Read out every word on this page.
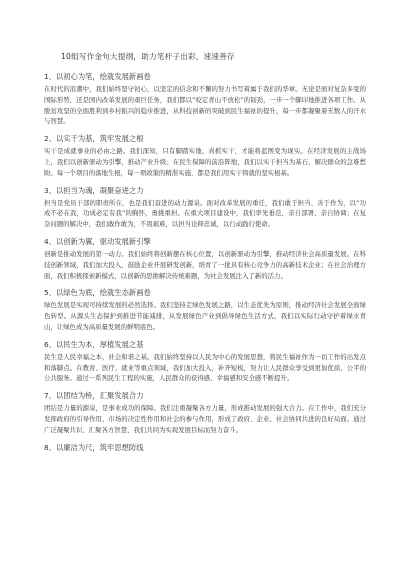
10组写作金句大提纲，助力笔杆子出彩，速速善存
1、以初心为笔，绘就发展新画卷

在时代的浪潮中，我们始终坚守初心，以坚定的信念和不懈的努力书写着属于我们的华章。无论是面对复杂多变的国际形势，还是国内改革发展的艰巨任务，我们都以“咬定青山不放松”的韧劲，一步一个脚印地推进各项工作。从脱贫攻坚的全面胜利到乡村振兴的稳步推进，从科技创新的突破到民生福祉的提升，每一步都凝聚着无数人的汗水与智慧。

2、以实干为基，筑牢发展之根

实干是成就事业的必由之路。我们深知，只有脚踏实地、真抓实干，才能将蓝图变为现实。在经济发展的主战场上，我们以创新驱动为引擎，推动产业升级；在民生保障的前沿阵地，我们以实干担当为基石，解决群众的急难愁盼。每一个项目的落地生根，每一项政策的精准实施，都是我们用实干铸就的坚实根基。

3、以担当为魂，凝聚奋进之力

担当是党员干部的职责所在，也是我们奋进的动力源泉。面对改革发展的重任，我们敢于担当、善于作为，以“功成不必在我，功成必定有我”的胸怀，勇挑重担。在重大项目建设中，我们率先垂范，亲自部署、亲自协调；在复杂问题的解决中，我们敢作敢为，不畏艰难，以担当诠释忠诚，以行动践行使命。

4、以创新为翼，驱动发展新引擎

创新是推动发展的第一动力。我们始终将创新摆在核心位置，以创新驱动为引擎，推动经济社会高质量发展。在科技创新领域，我们加大投入，鼓励企业开展研发创新，培育了一批具有核心竞争力的高新技术企业；在社会治理方面，我们积极探索新模式，以创新的思维解决传统难题，为社会发展注入了新的活力。

5、以绿色为底，绘就生态新画卷

绿色发展是实现可持续发展的必然选择。我们坚持走绿色发展之路，以生态优先为原则，推动经济社会发展全面绿色转型。从源头生态保护到推进节能减排，从发展绿色产业到倡导绿色生活方式，我们以实际行动守护着绿水青山，让绿色成为高质量发展的鲜明底色。

6、以民生为本，厚植发展之基

民生是人民幸福之本，社会和谐之基。我们始终坚持以人民为中心的发展思想，将民生福祉作为一切工作的出发点和落脚点。在教育、医疗、就业等重点领域，我们加大投入，补齐短板，努力让人民群众享受到更加优质、公平的公共服务。通过一系列民生工程的实施，人民群众的获得感、幸福感和安全感不断提升。

7、以团结为桥，汇聚发展合力

团结是力量的源泉，是事业成功的保障。我们注重凝聚各方力量，形成推动发展的强大合力。在工作中，我们充分发挥政府的引导作用、市场的决定性作用和社会的参与作用，形成了政府、企业、社会协同共进的良好局面。通过广泛凝聚共识、汇聚各方智慧，我们共同为实现发展目标而努力奋斗。

8、以廉洁为尺，筑牢思想防线
